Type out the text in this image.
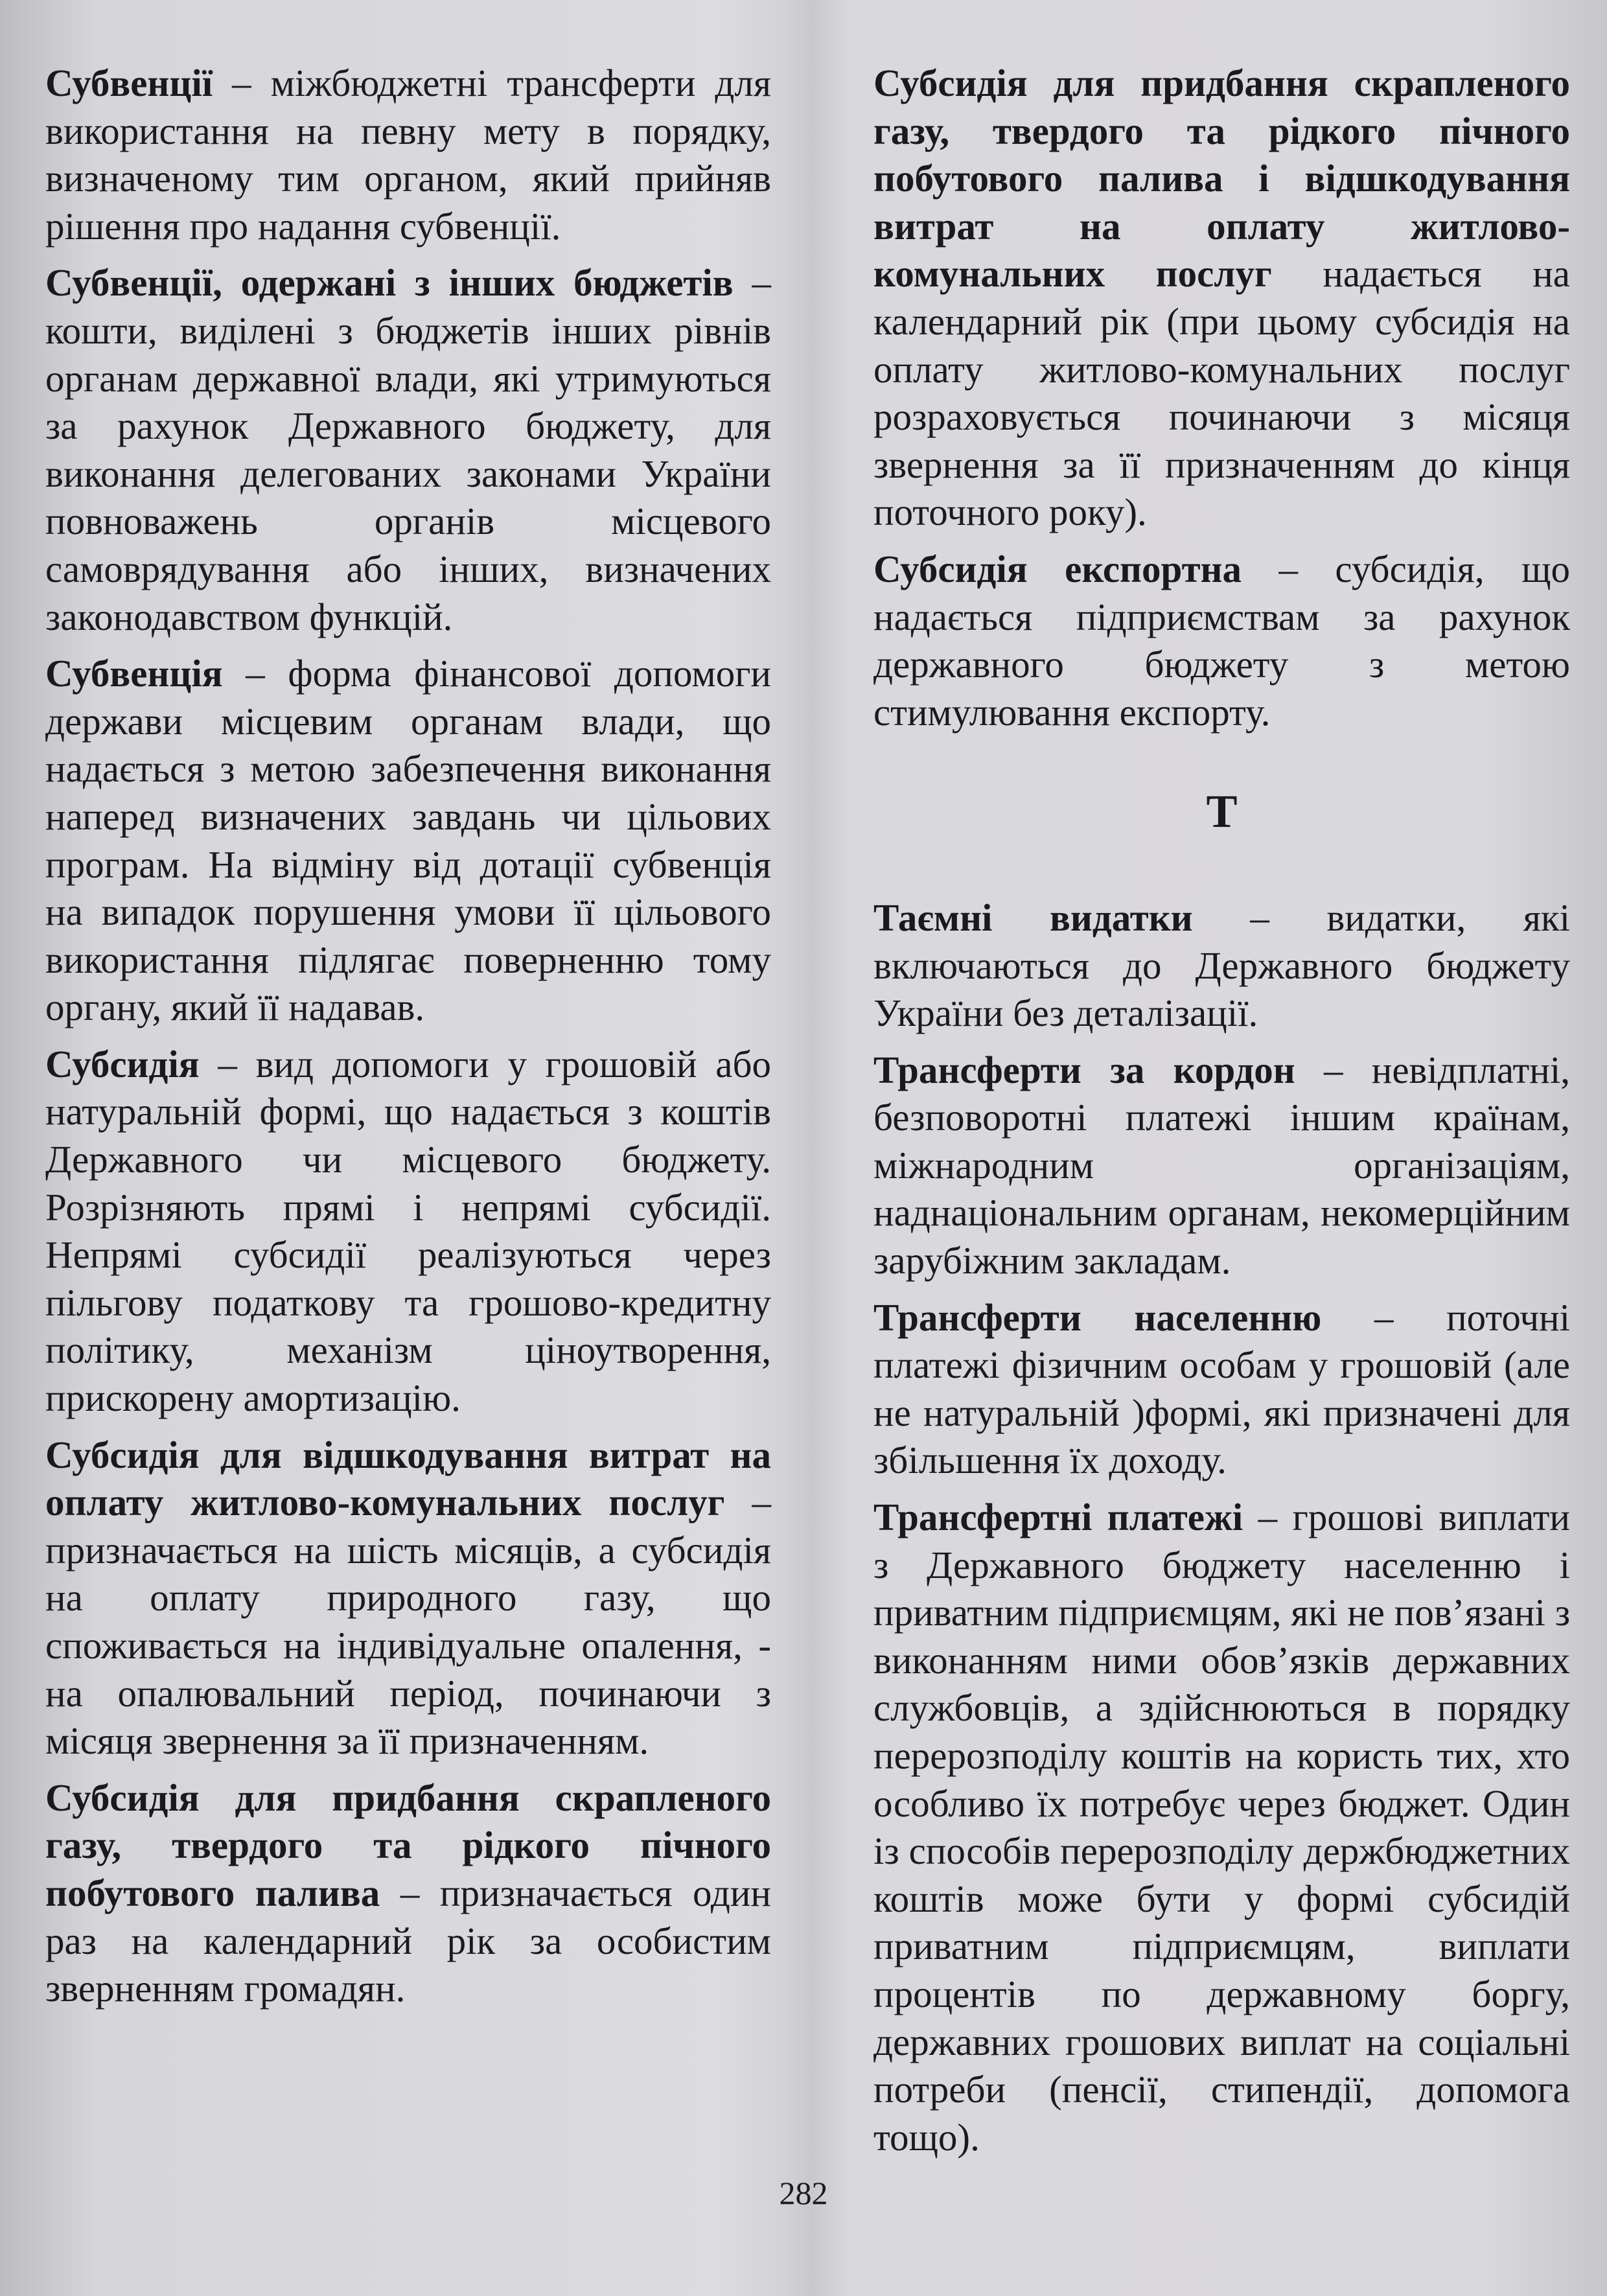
Субвенції – міжбюджетні трансферти для використання на певну мету в порядку, визначеному тим органом, який прийняв рішення про надання субвенції.

Субвенції, одержані з інших бюджетів – кошти, виділені з бюджетів інших рівнів органам державної влади, які утримуються за рахунок Державного бюджету, для виконання делегованих законами України повноважень органів місцевого самоврядування або інших, визначених законодавством функцій.

Субвенція – форма фінансової допомоги держави місцевим органам влади, що надається з метою забезпечення виконання наперед визначених завдань чи цільових програм. На відміну від дотації субвенція на випадок порушення умови її цільового використання підлягає поверненню тому органу, який її надавав.

Субсидія – вид допомоги у грошовій або натуральній формі, що надається з коштів Державного чи місцевого бюджету. Розрізняють прямі і непрямі субсидії. Непрямі субсидії реалізуються через пільгову податкову та грошово-кредитну політику, механізм ціноутворення, прискорену амортизацію.

Субсидія для відшкодування витрат на оплату житлово-комунальних послуг – призначається на шість місяців, а субсидія на оплату природного газу, що споживається на індивідуальне опалення, - на опалювальний період, починаючи з місяця звернення за її призначенням.

Субсидія для придбання скрапленого газу, твердого та рідкого пічного побутового палива – призначається один раз на календарний рік за особистим зверненням громадян.

Субсидія для придбання скрапленого газу, твердого та рідкого пічного побутового палива і відшкодування витрат на оплату житлово-комунальних послуг надається на календарний рік (при цьому субсидія на оплату житлово-комунальних послуг розраховується починаючи з місяця звернення за її призначенням до кінця поточного року).

Субсидія експортна – субсидія, що надається підприємствам за рахунок державного бюджету з метою стимулювання експорту.

Т

Таємні видатки – видатки, які включаються до Державного бюджету України без деталізації.

Трансферти за кордон – невідплатні, безповоротні платежі іншим країнам, міжнародним організаціям, наднаціональним органам, некомерційним зарубіжним закладам.

Трансферти населенню – поточні платежі фізичним особам у грошовій (але не натуральній )формі, які призначені для збільшення їх доходу.

Трансфертні платежі – грошові виплати з Державного бюджету населенню і приватним підприємцям, які не пов’язані з виконанням ними обов’язків державних службовців, а здійснюються в порядку перерозподілу коштів на користь тих, хто особливо їх потребує через бюджет. Один із способів перерозподілу держбюджетних коштів може бути у формі субсидій приватним підприємцям, виплати процентів по державному боргу, державних грошових виплат на соціальні потреби (пенсії, стипендії, допомога тощо).

282
